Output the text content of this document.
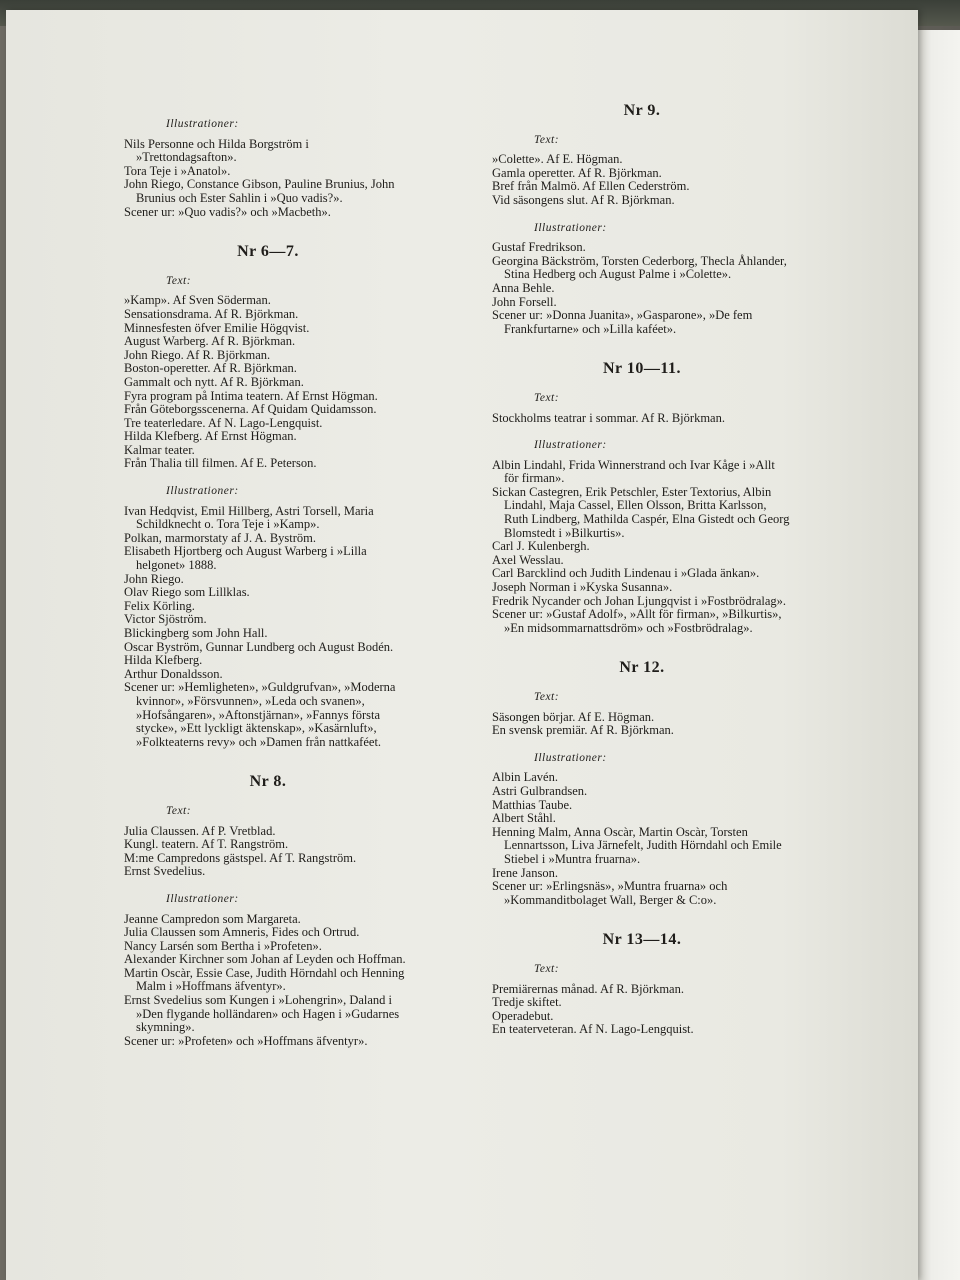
Illustrationer:

Nils Personne och Hilda Borgström i »Trettondagsafton».

Tora Teje i »Anatol».

John Riego, Constance Gibson, Pauline Brunius, John Brunius och Ester Sahlin i »Quo vadis?».

Scener ur: »Quo vadis?» och »Macbeth».

Nr 6—7.
Text:

»Kamp». Af Sven Söderman.

Sensationsdrama. Af R. Björkman.

Minnesfesten öfver Emilie Högqvist.

August Warberg. Af R. Björkman.

John Riego. Af R. Björkman.

Boston-operetter. Af R. Björkman.

Gammalt och nytt. Af R. Björkman.

Fyra program på Intima teatern. Af Ernst Högman.

Från Göteborgsscenerna. Af Quidam Quidamsson.

Tre teaterledare. Af N. Lago-Lengquist.

Hilda Klefberg. Af Ernst Högman.

Kalmar teater.

Från Thalia till filmen. Af E. Peterson.

Illustrationer:

Ivan Hedqvist, Emil Hillberg, Astri Torsell, Maria Schildknecht o. Tora Teje i »Kamp».

Polkan, marmorstaty af J. A. Byström.

Elisabeth Hjortberg och August Warberg i »Lilla helgonet» 1888.

John Riego.

Olav Riego som Lillklas.

Felix Körling.

Victor Sjöström.

Blickingberg som John Hall.

Oscar Byström, Gunnar Lundberg och August Bodén.

Hilda Klefberg.

Arthur Donaldsson.

Scener ur: »Hemligheten», »Guldgrufvan», »Moderna kvinnor», »Försvunnen», »Leda och svanen», »Hofsångaren», »Aftonstjärnan», »Fannys första stycke», »Ett lyckligt äktenskap», »Kasärnluft», »Folkteaterns revy» och »Damen från nattkaféet.

Nr 8.
Text:

Julia Claussen. Af P. Vretblad.

Kungl. teatern. Af T. Rangström.

M:me Campredons gästspel. Af T. Rangström.

Ernst Svedelius.

Illustrationer:

Jeanne Campredon som Margareta.

Julia Claussen som Amneris, Fides och Ortrud.

Nancy Larsén som Bertha i »Profeten».

Alexander Kirchner som Johan af Leyden och Hoffman.

Martin Oscàr, Essie Case, Judith Hörndahl och Henning Malm i »Hoffmans äfventyr».

Ernst Svedelius som Kungen i »Lohengrin», Daland i »Den flygande holländaren» och Hagen i »Gudarnes skymning».

Scener ur: »Profeten» och »Hoffmans äfventyr».

Nr 9.
Text:

»Colette». Af E. Högman.

Gamla operetter. Af R. Björkman.

Bref från Malmö. Af Ellen Cederström.

Vid säsongens slut. Af R. Björkman.

Illustrationer:

Gustaf Fredrikson.

Georgina Bäckström, Torsten Cederborg, Thecla Åhlander, Stina Hedberg och August Palme i »Colette».

Anna Behle.

John Forsell.

Scener ur: »Donna Juanita», »Gasparone», »De fem Frankfurtarne» och »Lilla kaféet».

Nr 10—11.
Text:

Stockholms teatrar i sommar. Af R. Björkman.

Illustrationer:

Albin Lindahl, Frida Winnerstrand och Ivar Kåge i »Allt för firman».

Sickan Castegren, Erik Petschler, Ester Textorius, Albin Lindahl, Maja Cassel, Ellen Olsson, Britta Karlsson, Ruth Lindberg, Mathilda Caspér, Elna Gistedt och Georg Blomstedt i »Bilkurtis».

Carl J. Kulenbergh.

Axel Wesslau.

Carl Barcklind och Judith Lindenau i »Glada änkan».

Joseph Norman i »Kyska Susanna».

Fredrik Nycander och Johan Ljungqvist i »Fostbrödralag».

Scener ur: »Gustaf Adolf», »Allt för firman», »Bilkurtis», »En midsommarnattsdröm» och »Fostbrödralag».

Nr 12.
Text:

Säsongen börjar. Af E. Högman.

En svensk premiär. Af R. Björkman.

Illustrationer:

Albin Lavén.

Astri Gulbrandsen.

Matthias Taube.

Albert Ståhl.

Henning Malm, Anna Oscàr, Martin Oscàr, Torsten Lennartsson, Liva Järnefelt, Judith Hörndahl och Emile Stiebel i »Muntra fruarna».

Irene Janson.

Scener ur: »Erlingsnäs», »Muntra fruarna» och »Kommanditbolaget Wall, Berger & C:o».

Nr 13—14.
Text:

Premiärernas månad. Af R. Björkman.

Tredje skiftet.

Operadebut.

En teaterveteran. Af N. Lago-Lengquist.
